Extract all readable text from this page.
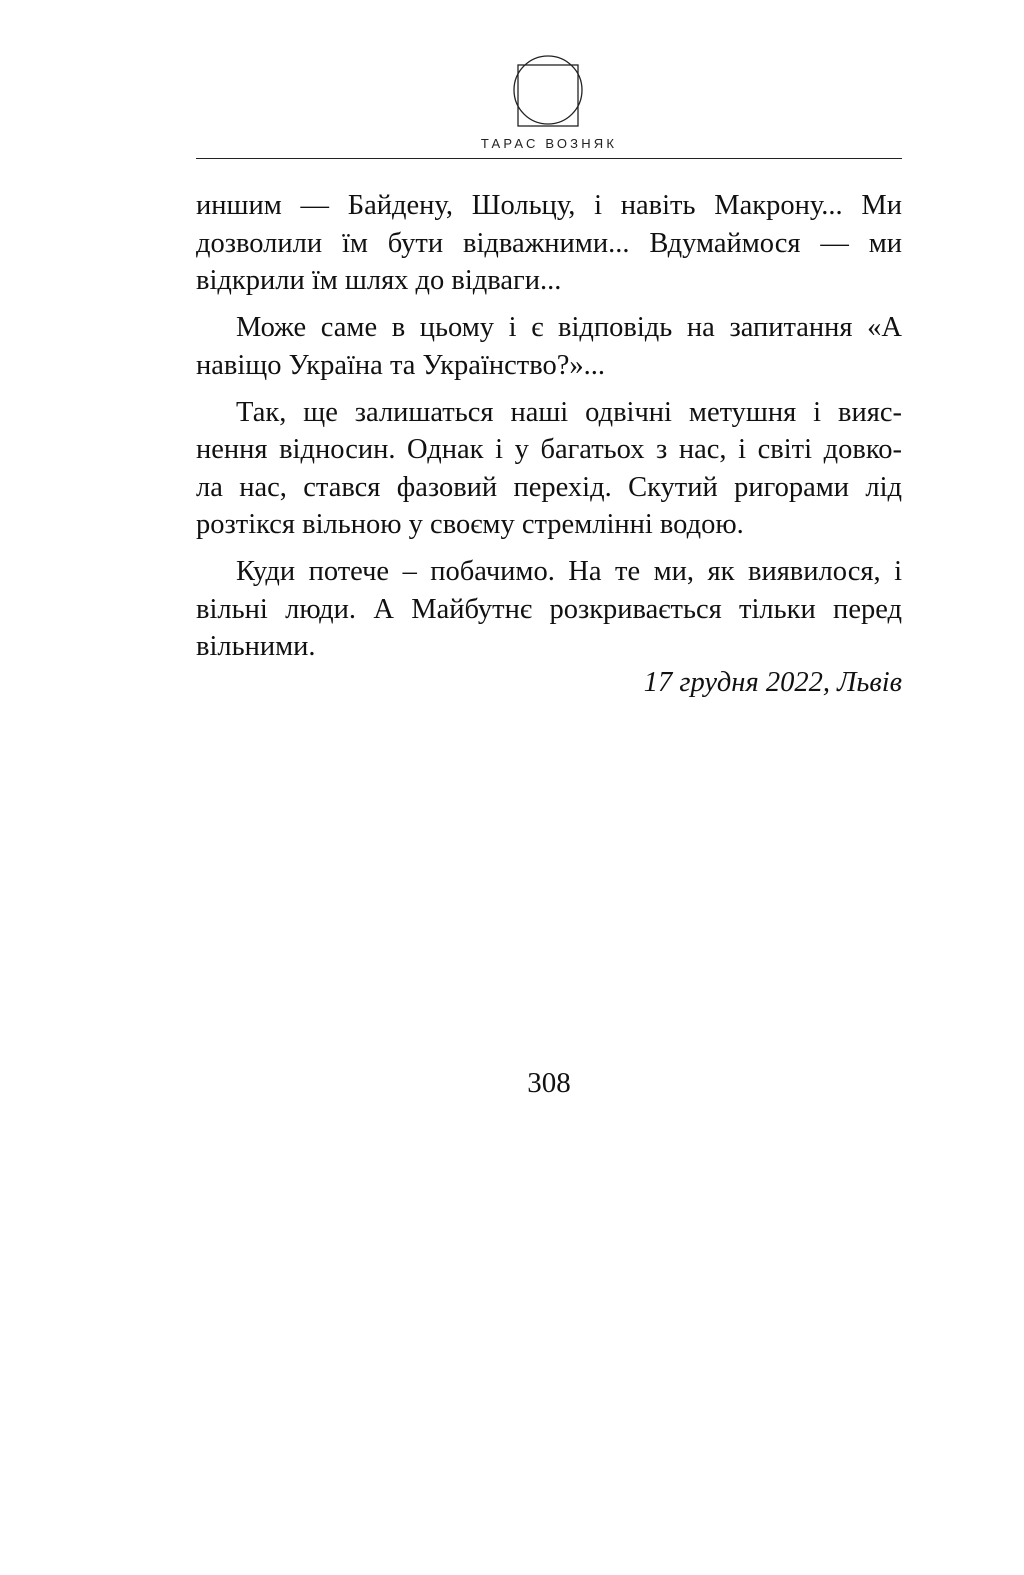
ТАРАС ВОЗНЯК
иншим — Байдену, Шольцу, і навіть Макрону... Ми
дозволили їм бути відважними... Вдумаймося — ми
відкрили їм шлях до відваги...
Може саме в цьому і є відповідь на запитання «А
навіщо Україна та Українство?»...
Так, ще залишаться наші одвічні метушня і вияс-
нення відносин. Однак і у багатьох з нас, і світі довко-
ла нас, стався фазовий перехід. Скутий ригорами лід
розтікся вільною у своєму стремлінні водою.
Куди потече – побачимо. На те ми, як виявилося, і
вільні люди. А Майбутнє розкривається тільки перед
вільними.
17 грудня 2022, Львів
308
